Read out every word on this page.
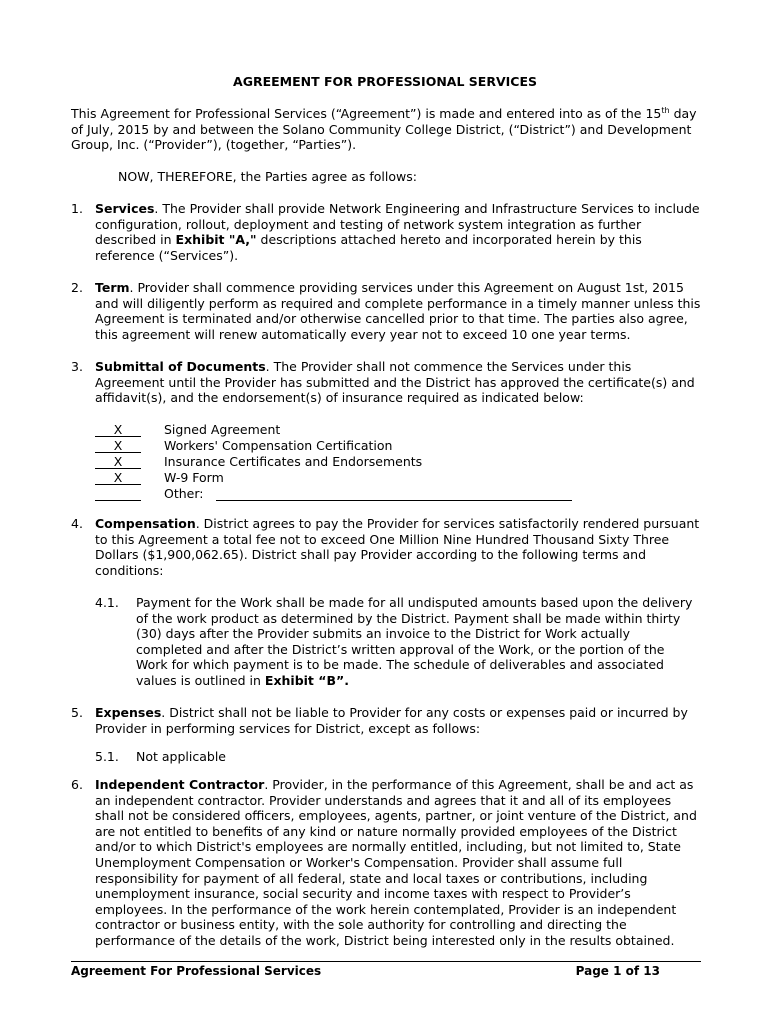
AGREEMENT FOR PROFESSIONAL SERVICES

This Agreement for Professional Services (“Agreement”) is made and entered into as of the 15th day of July, 2015 by and between the Solano Community College District, (“District”) and Development Group, Inc. (“Provider”), (together, “Parties”).

NOW, THEREFORE, the Parties agree as follows:

1. Services. The Provider shall provide Network Engineering and Infrastructure Services to include configuration, rollout, deployment and testing of network system integration as further described in Exhibit "A," descriptions attached hereto and incorporated herein by this reference (“Services”).
2. Term. Provider shall commence providing services under this Agreement on August 1st, 2015 and will diligently perform as required and complete performance in a timely manner unless this Agreement is terminated and/or otherwise cancelled prior to that time. The parties also agree, this agreement will renew automatically every year not to exceed 10 one year terms.
3. Submittal of Documents. The Provider shall not commence the Services under this Agreement until the Provider has submitted and the District has approved the certificate(s) and affidavit(s), and the endorsement(s) of insurance required as indicated below:
X	Signed Agreement
X	Workers' Compensation Certification
X	Insurance Certificates and Endorsements
X	W-9 Form
Other:
4. Compensation. District agrees to pay the Provider for services satisfactorily rendered pursuant to this Agreement a total fee not to exceed One Million Nine Hundred Thousand Sixty Three Dollars ($1,900,062.65). District shall pay Provider according to the following terms and conditions:
4.1. Payment for the Work shall be made for all undisputed amounts based upon the delivery of the work product as determined by the District. Payment shall be made within thirty (30) days after the Provider submits an invoice to the District for Work actually completed and after the District’s written approval of the Work, or the portion of the Work for which payment is to be made. The schedule of deliverables and associated values is outlined in Exhibit “B”.
5. Expenses. District shall not be liable to Provider for any costs or expenses paid or incurred by Provider in performing services for District, except as follows:
5.1. Not applicable
6. Independent Contractor. Provider, in the performance of this Agreement, shall be and act as an independent contractor. Provider understands and agrees that it and all of its employees shall not be considered officers, employees, agents, partner, or joint venture of the District, and are not entitled to benefits of any kind or nature normally provided employees of the District and/or to which District's employees are normally entitled, including, but not limited to, State Unemployment Compensation or Worker's Compensation. Provider shall assume full responsibility for payment of all federal, state and local taxes or contributions, including unemployment insurance, social security and income taxes with respect to Provider’s employees. In the performance of the work herein contemplated, Provider is an independent contractor or business entity, with the sole authority for controlling and directing the performance of the details of the work, District being interested only in the results obtained.
Agreement For Professional Services	Page 1 of 13
